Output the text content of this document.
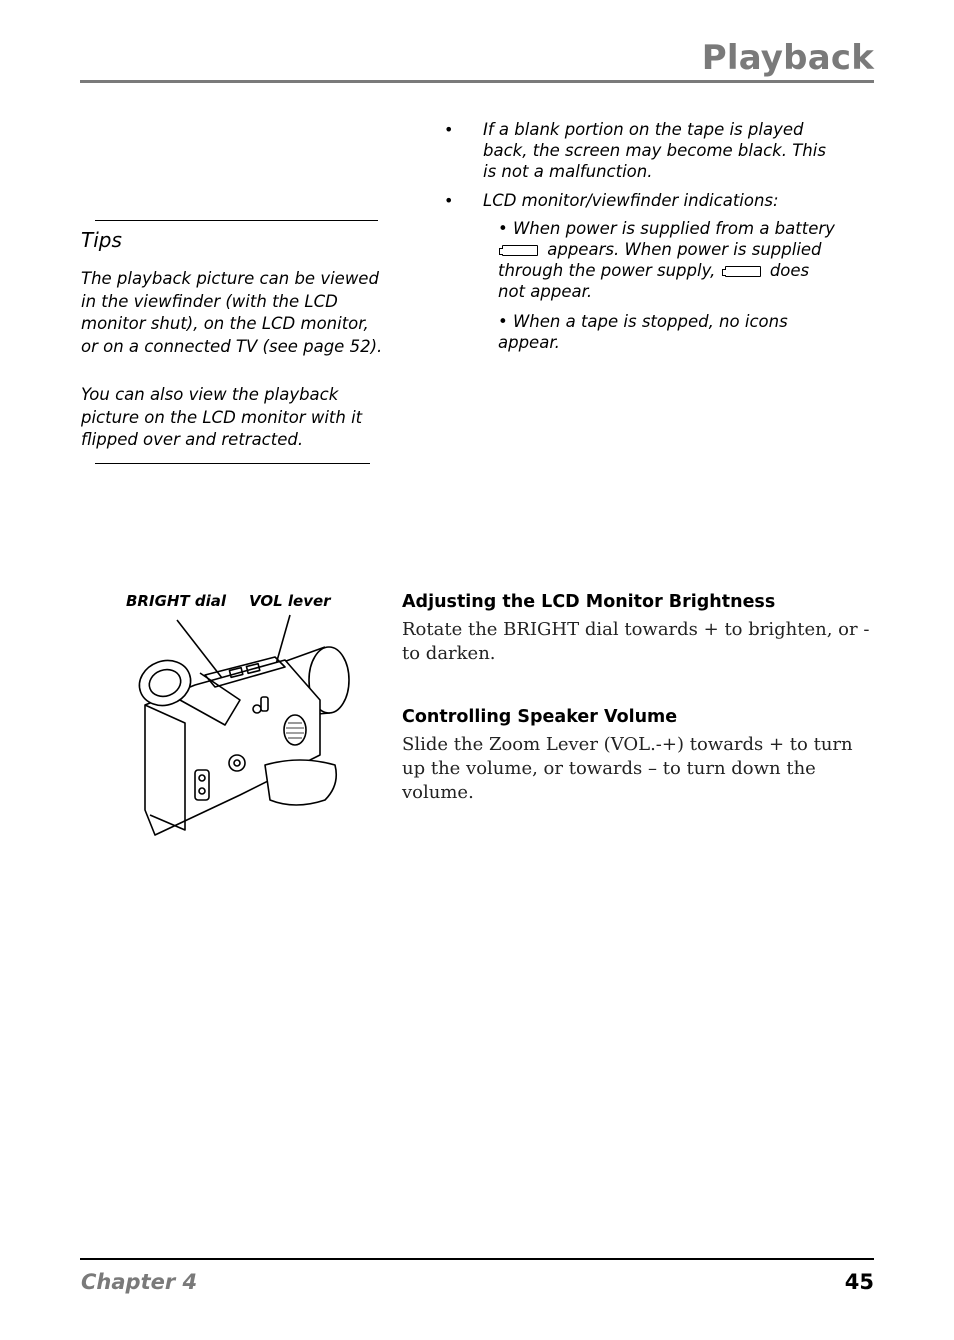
Playback
Tips

The playback picture can be viewed in the viewfinder (with the LCD monitor shut), on the LCD monitor, or on a connected TV (see page 52).

You can also view the playback picture on the LCD monitor with it flipped over and retracted.

• If a blank portion on the tape is played back, the screen may become black. This is not a malfunction.

• LCD monitor/viewfinder indications:

• When power is supplied from a battery  appears. When power is supplied through the power supply,	does not appear.

• When a tape is stopped, no icons appear.

BRIGHT dial VOL lever	Adjusting the LCD Monitor Brightness

Rotate the BRIGHT dial towards + to brighten, or - to darken.

Controlling Speaker Volume

Slide the Zoom Lever (VOL.-+) towards + to turn up the volume, or towards – to turn down the volume.

Chapter 4	45
